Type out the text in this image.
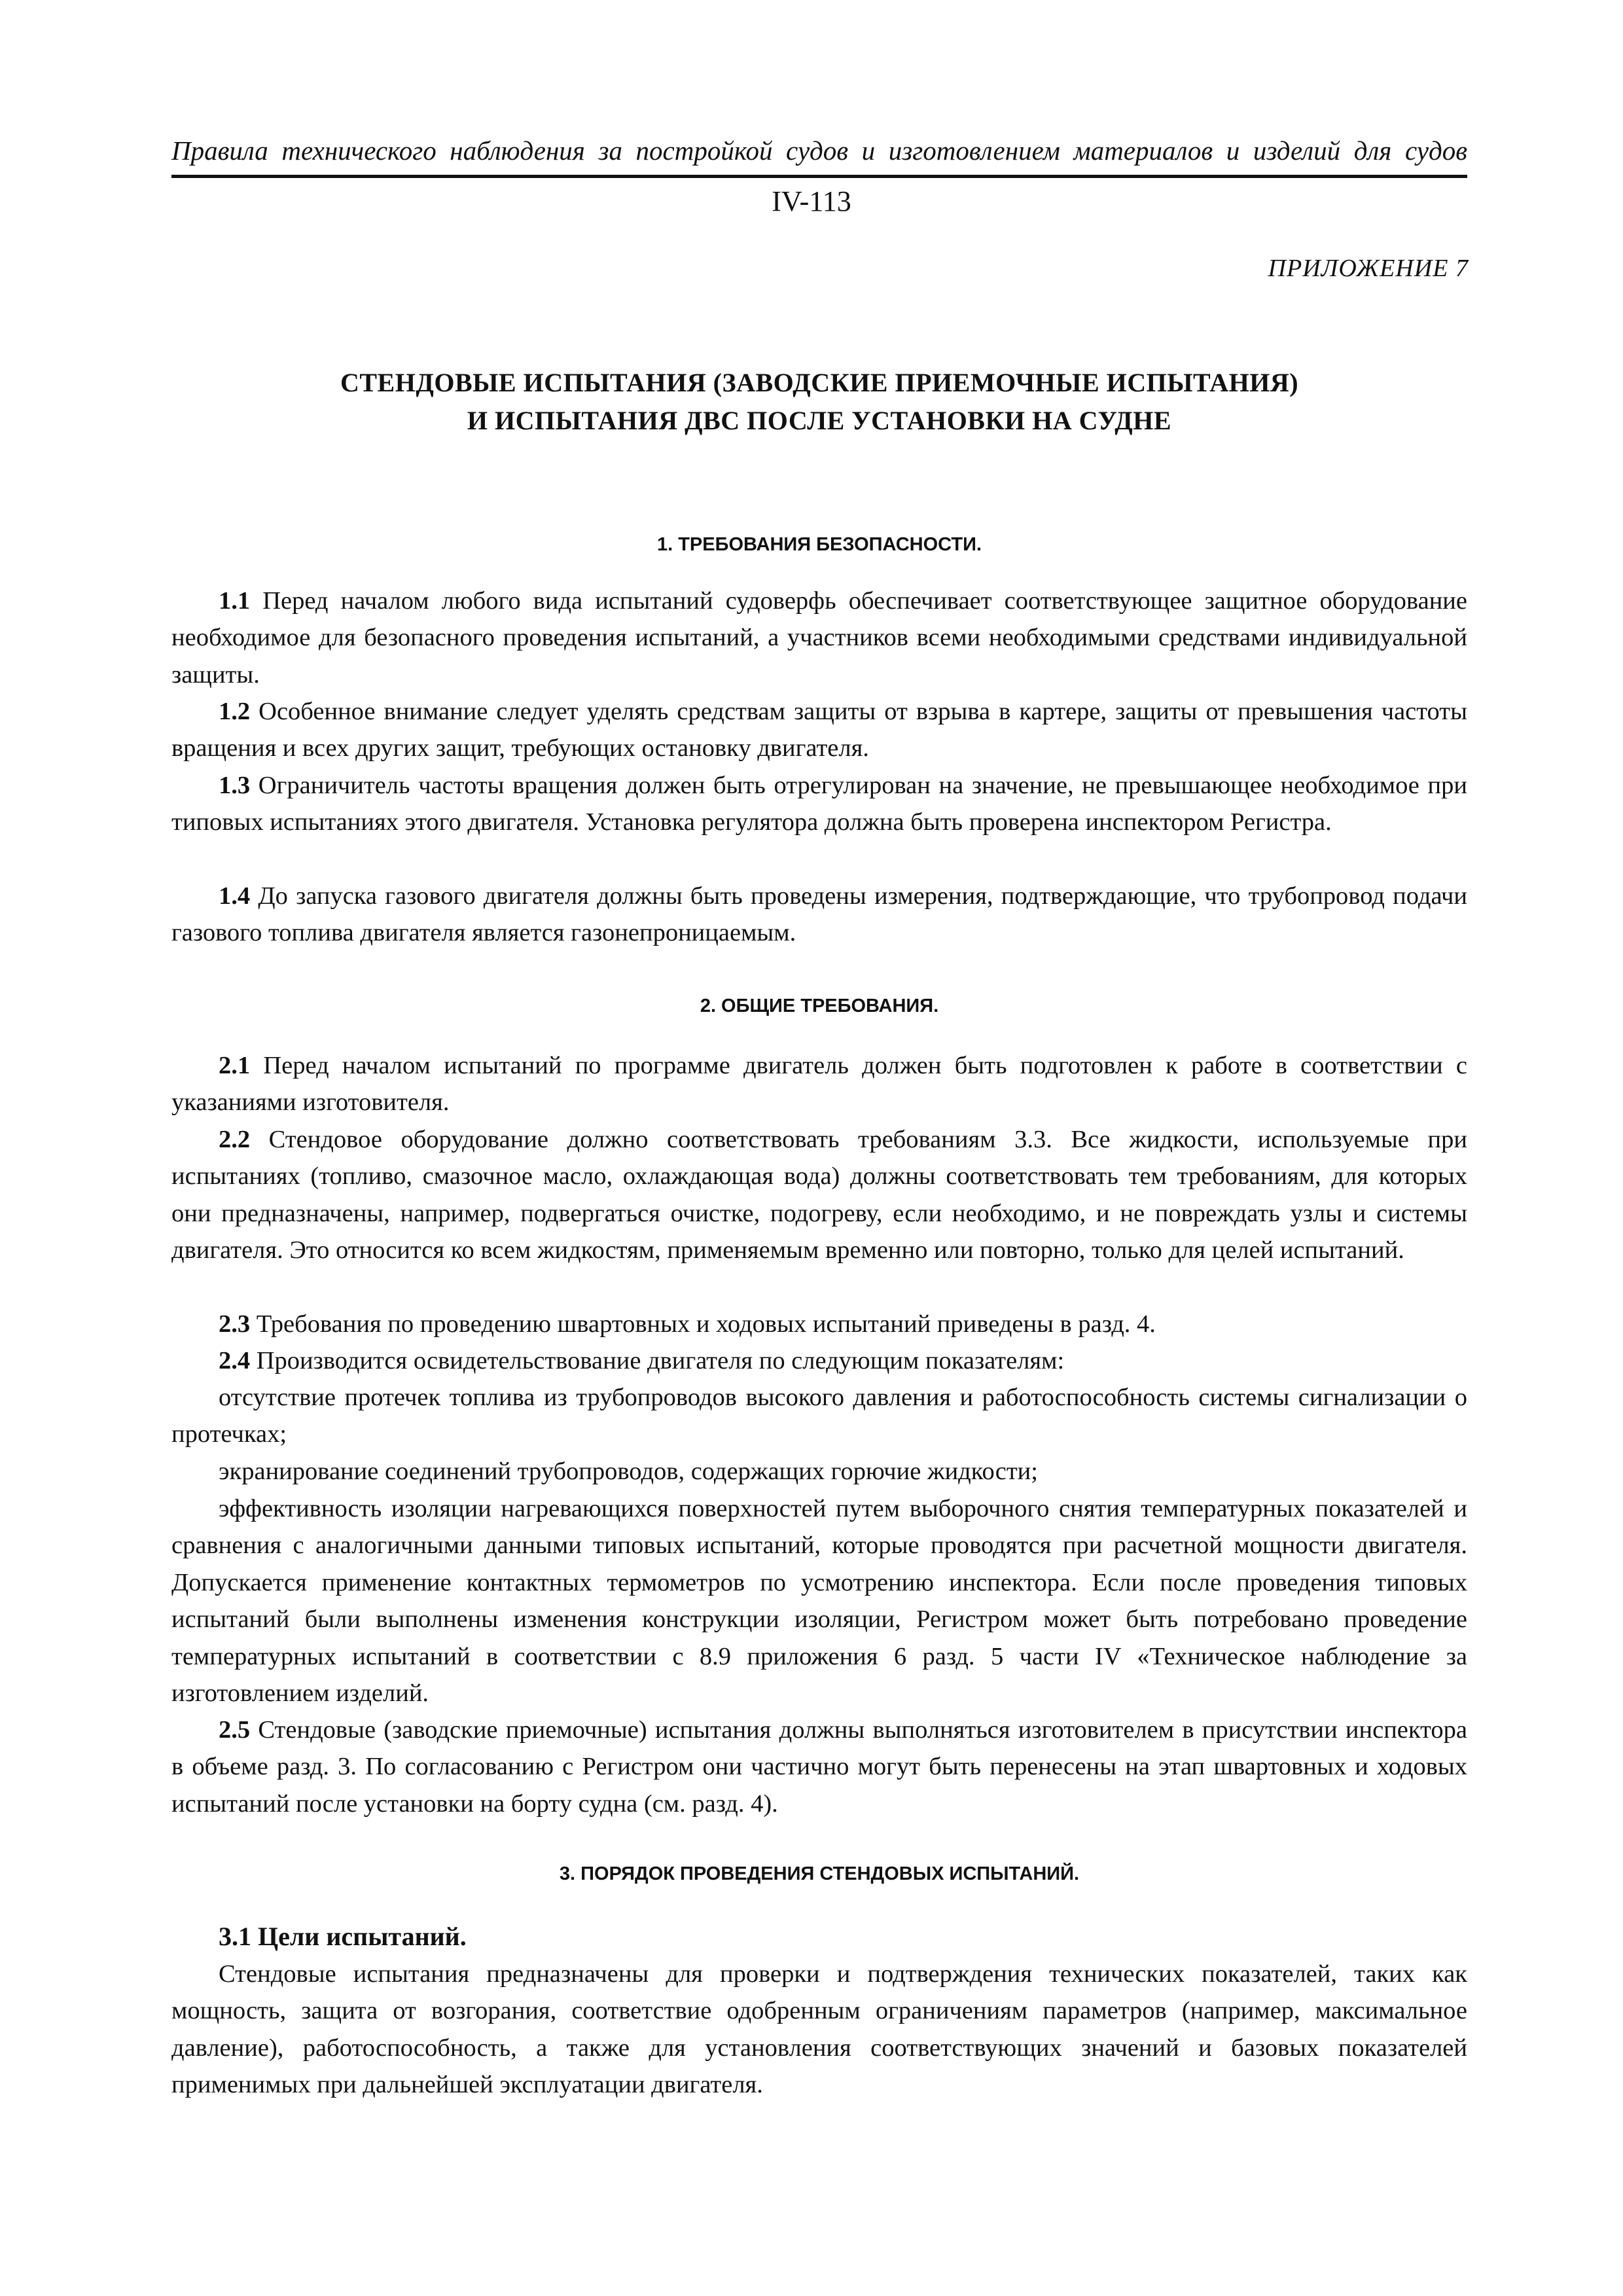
Правила технического наблюдения за постройкой судов и изготовлением материалов и изделий для судов
IV-113
ПРИЛОЖЕНИЕ 7
СТЕНДОВЫЕ ИСПЫТАНИЯ (ЗАВОДСКИЕ ПРИЕМОЧНЫЕ ИСПЫТАНИЯ)
И ИСПЫТАНИЯ ДВС ПОСЛЕ УСТАНОВКИ НА СУДНЕ
1. ТРЕБОВАНИЯ БЕЗОПАСНОСТИ.
1.1 Перед началом любого вида испытаний судоверфь обеспечивает соответствующее защитное оборудование необходимое для безопасного проведения испытаний, а участников всеми необходимыми средствами индивидуальной защиты.
1.2 Особенное внимание следует уделять средствам защиты от взрыва в картере, защиты от превышения частоты вращения и всех других защит, требующих остановку двигателя.
1.3 Ограничитель частоты вращения должен быть отрегулирован на значение, не превышающее необходимое при типовых испытаниях этого двигателя. Установка регулятора должна быть проверена инспектором Регистра.
1.4 До запуска газового двигателя должны быть проведены измерения, подтверждающие, что трубопровод подачи газового топлива двигателя является газонепроницаемым.
2. ОБЩИЕ ТРЕБОВАНИЯ.
2.1 Перед началом испытаний по программе двигатель должен быть подготовлен к работе в соответствии с указаниями изготовителя.
2.2 Стендовое оборудование должно соответствовать требованиям 3.3. Все жидкости, используемые при испытаниях (топливо, смазочное масло, охлаждающая вода) должны соответствовать тем требованиям, для которых они предназначены, например, подвергаться очистке, подогреву, если необходимо, и не повреждать узлы и системы двигателя. Это относится ко всем жидкостям, применяемым временно или повторно, только для целей испытаний.
2.3 Требования по проведению швартовных и ходовых испытаний приведены в разд. 4.
2.4 Производится освидетельствование двигателя по следующим показателям:
отсутствие протечек топлива из трубопроводов высокого давления и работоспособность системы сигнализации о протечках;
экранирование соединений трубопроводов, содержащих горючие жидкости;
эффективность изоляции нагревающихся поверхностей путем выборочного снятия температурных показателей и сравнения с аналогичными данными типовых испытаний, которые проводятся при расчетной мощности двигателя. Допускается применение контактных термометров по усмотрению инспектора. Если после проведения типовых испытаний были выполнены изменения конструкции изоляции, Регистром может быть потребовано проведение температурных испытаний в соответствии с 8.9 приложения 6 разд. 5 части IV «Техническое наблюдение за изготовлением изделий.
2.5 Стендовые (заводские приемочные) испытания должны выполняться изготовителем в присутствии инспектора в объеме разд. 3. По согласованию с Регистром они частично могут быть перенесены на этап швартовных и ходовых испытаний после установки на борту судна (см. разд. 4).
3. ПОРЯДОК ПРОВЕДЕНИЯ СТЕНДОВЫХ ИСПЫТАНИЙ.
3.1 Цели испытаний.
Стендовые испытания предназначены для проверки и подтверждения технических показателей, таких как мощность, защита от возгорания, соответствие одобренным ограничениям параметров (например, максимальное давление), работоспособность, а также для установления соответствующих значений и базовых показателей применимых при дальнейшей эксплуатации двигателя.
